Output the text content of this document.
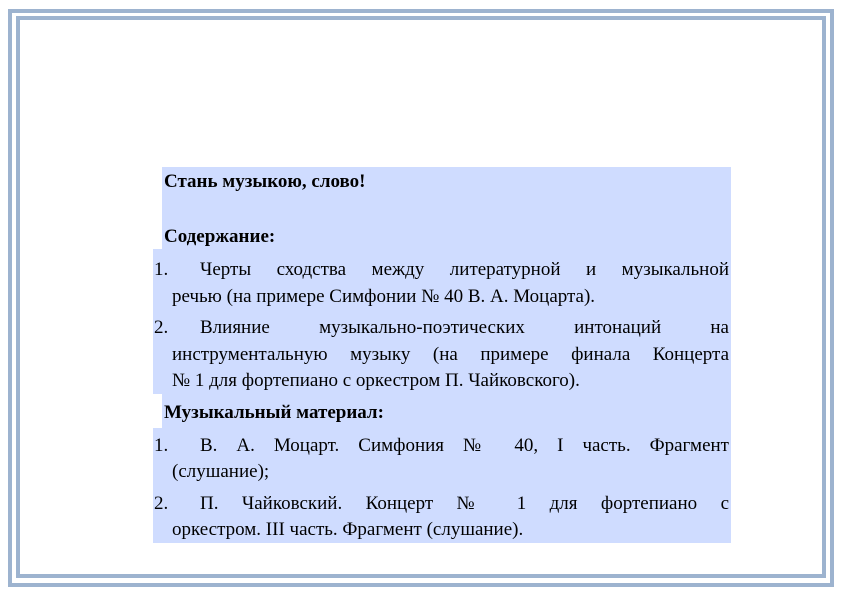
Стань музыкою, слово!
Содержание:
1. Черты сходства между литературной и музыкальной
речью (на примере Симфонии № 40 В. А. Моцарта).
2. Влияние музыкально-поэтических интонаций на
инструментальную музыку (на примере финала Концерта
№ 1 для фортепиано с оркестром П. Чайковского).
Музыкальный материал:
1. В. А. Моцарт. Симфония № 40, I часть. Фрагмент
(слушание);
2. П. Чайковский. Концерт № 1 для фортепиано с
оркестром. III часть. Фрагмент (слушание).
